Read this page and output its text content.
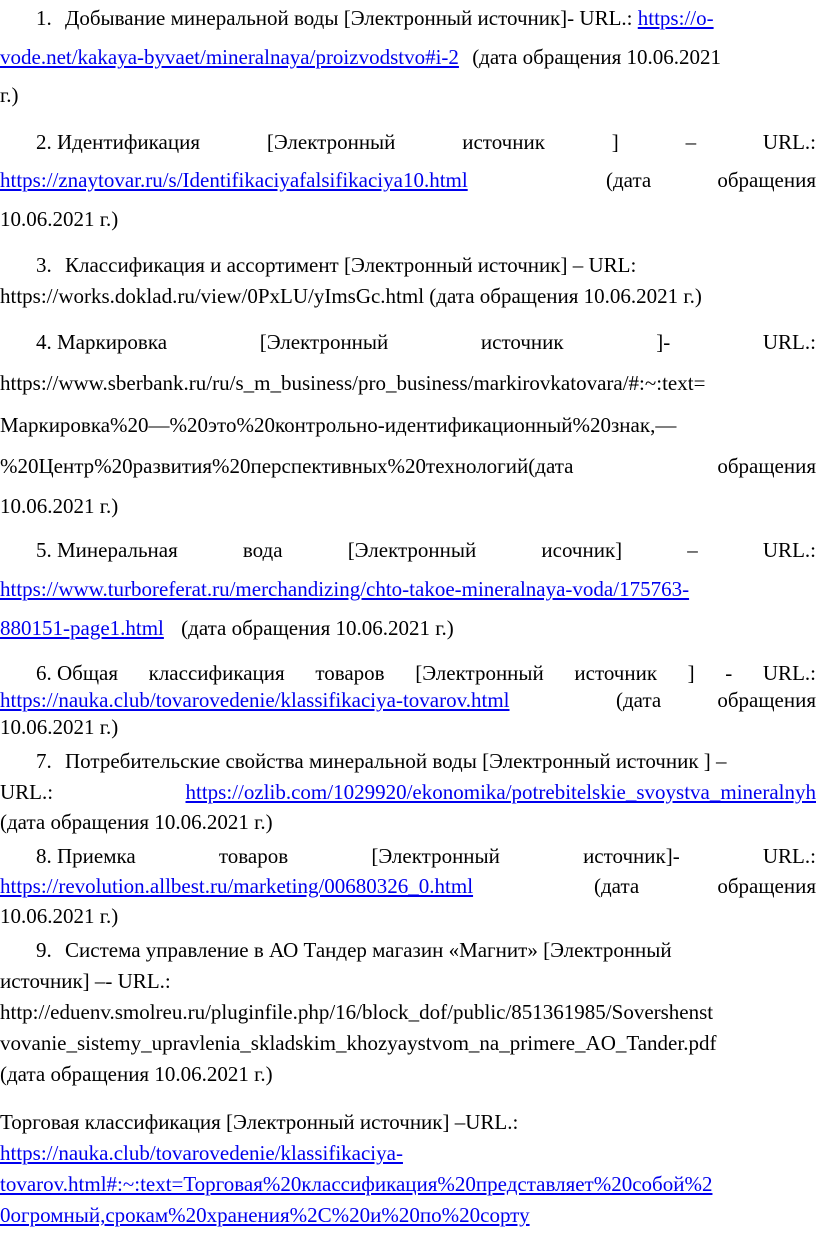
1. Добывание минеральной воды [Электронный источник]- URL.: https://o-
vode.net/kakaya-byvaet/mineralnaya/proizvodstvo#i-2 (дата обращения 10.06.2021
г.)
2. Идентификация	[Электронный	источник	]	–	URL.:
https://znaytovar.ru/s/Identifikaciyafalsifikaciya10.html	(дата	обращения
10.06.2021 г.)
3. Классификация и ассортимент [Электронный источник] – URL:
https://works.doklad.ru/view/0PxLU/yImsGc.html (дата обращения 10.06.2021 г.)
4. Маркировка	[Электронный	источник	]-	URL.:
https://www.sberbank.ru/ru/s_m_business/pro_business/markirovkatovara/#:~:text=
Маркировка%20—%20это%20контрольно-идентификационный%20знак,—
%20Центр%20развития%20перспективных%20технологий(дата	обращения
10.06.2021 г.)
5. Минеральная	вода	[Электронный	исочник]	–	URL.:
https://www.turboreferat.ru/merchandizing/chto-takoe-mineralnaya-voda/175763-
880151-page1.html (дата обращения 10.06.2021 г.)
6. Общая классификация товаров [Электронный источник ] - URL.:
https://nauka.club/tovarovedenie/klassifikaciya-tovarov.html	(дата	обращения
10.06.2021 г.)
7. Потребительские свойства минеральной воды [Электронный источник ] –
URL.:	https://ozlib.com/1029920/ekonomika/potrebitelskie_svoystva_mineralnyh
(дата обращения 10.06.2021 г.)
8. Приемка	товаров	[Электронный	источник]-	URL.:
https://revolution.allbest.ru/marketing/00680326_0.html	(дата	обращения
10.06.2021 г.)
9. Система управление в АО Тандер магазин «Магнит» [Электронный
источник] –- URL.:
http://eduenv.smolreu.ru/pluginfile.php/16/block_dof/public/851361985/Sovershenst
vovanie_sistemy_upravlenia_skladskim_khozyaystvom_na_primere_AO_Tander.pdf
(дата обращения 10.06.2021 г.)
Торговая классификация [Электронный источник] –URL.:
https://nauka.club/tovarovedenie/klassifikaciya-
tovarov.html#:~:text=Торговая%20классификация%20представляет%20собой%2
0огромный,срокам%20хранения%2C%20и%20по%20сорту
